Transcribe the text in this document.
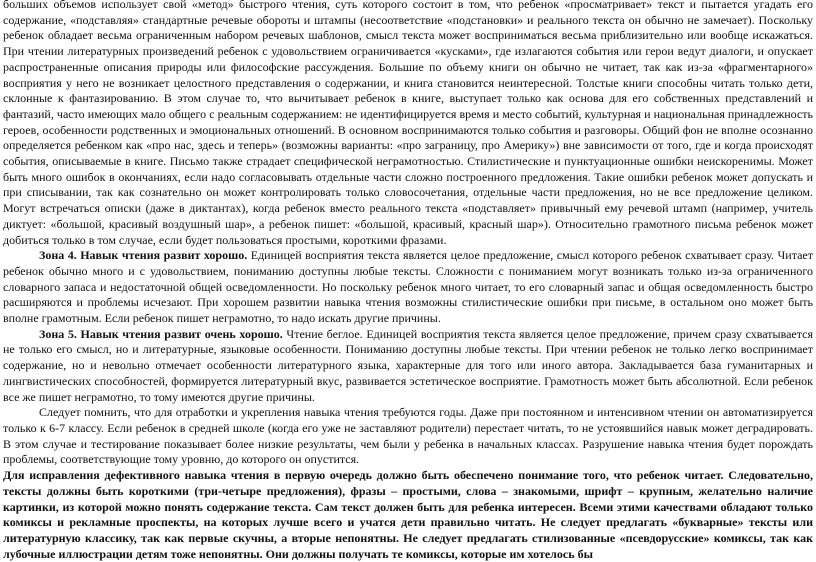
больших объемов использует свой «метод» быстрого чтения, суть которого состоит в том, что ребенок «просматривает» текст и пытается угадать его содержание, «подставляя» стандартные речевые обороты и штампы (несоответствие «подстановки» и реального текста он обычно не замечает). Поскольку ребенок обладает весьма ограниченным набором речевых шаблонов, смысл текста может восприниматься весьма приблизительно или вообще искажаться. При чтении литературных произведений ребенок с удовольствием ограничивается «кусками», где излагаются события или герои ведут диалоги, и опускает распространенные описания природы или философские рассуждения. Большие по объему книги он обычно не читает, так как из-за «фрагментарного» восприятия у него не возникает целостного представления о содержании, и книга становится неинтересной. Толстые книги способны читать только дети, склонные к фантазированию. В этом случае то, что вычитывает ребенок в книге, выступает только как основа для его собственных представлений и фантазий, часто имеющих мало общего с реальным содержанием: не идентифицируется время и место событий, культурная и национальная принадлежность героев, особенности родственных и эмоциональных отношений. В основном воспринимаются только события и разговоры. Общий фон не вполне осознанно определяется ребенком как «про нас, здесь и теперь» (возможны варианты: «про заграницу, про Америку») вне зависимости от того, где и когда происходят события, описываемые в книге. Письмо также страдает специфической неграмотностью. Стилистические и пунктуационные ошибки неискоренимы. Может быть много ошибок в окончаниях, если надо согласовывать отдельные части сложно построенного предложения. Такие ошибки ребенок может допускать и при списывании, так как сознательно он может контролировать только словосочетания, отдельные части предложения, но не все предложение целиком. Могут встречаться описки (даже в диктантах), когда ребенок вместо реального текста «подставляет» привычный ему речевой штамп (например, учитель диктует: «большой, красивый воздушный шар», а ребенок пишет: «большой, красивый, красный шар»). Относительно грамотного письма ребенок может добиться только в том случае, если будет пользоваться простыми, короткими фразами.

Зона 4. Навык чтения развит хорошо. Единицей восприятия текста является целое предложение, смысл которого ребенок схватывает сразу. Читает ребенок обычно много и с удовольствием, пониманию доступны любые тексты. Сложности с пониманием могут возникать только из-за ограниченного словарного запаса и недостаточной общей осведомленности. Но поскольку ребенок много читает, то его словарный запас и общая осведомленность быстро расширяются и проблемы исчезают. При хорошем развитии навыка чтения возможны стилистические ошибки при письме, в остальном оно может быть вполне грамотным. Если ребенок пишет неграмотно, то надо искать другие причины.

Зона 5. Навык чтения развит очень хорошо. Чтение беглое. Единицей восприятия текста является целое предложение, причем сразу схватывается не только его смысл, но и литературные, языковые особенности. Пониманию доступны любые тексты. При чтении ребенок не только легко воспринимает содержание, но и невольно отмечает особенности литературного языка, характерные для того или иного автора. Закладывается база гуманитарных и лингвистических способностей, формируется литературный вкус, развивается эстетическое восприятие. Грамотность может быть абсолютной. Если ребенок все же пишет неграмотно, то тому имеются другие причины.

Следует помнить, что для отработки и укрепления навыка чтения требуются годы. Даже при постоянном и интенсивном чтении он автоматизируется только к 6-7 классу. Если ребенок в средней школе (когда его уже не заставляют родители) перестает читать, то не устоявшийся навык может деградировать. В этом случае и тестирование показывает более низкие результаты, чем были у ребенка в начальных классах. Разрушение навыка чтения будет порождать проблемы, соответствующие тому уровню, до которого он опустится.

Для исправления дефективного навыка чтения в первую очередь должно быть обеспечено понимание того, что ребенок читает. Следовательно, тексты должны быть короткими (три-четыре предложения), фразы – простыми, слова – знакомыми, шрифт – крупным, желательно наличие картинки, из которой можно понять содержание текста. Сам текст должен быть для ребенка интересен. Всеми этими качествами обладают только комиксы и рекламные проспекты, на которых лучше всего и учатся дети правильно читать. Не следует предлагать «букварные» тексты или литературную классику, так как первые скучны, а вторые непонятны. Не следует предлагать стилизованные «псевдорусские» комиксы, так как лубочные иллюстрации детям тоже непонятны. Они должны получать те комиксы, которые им хотелось бы
